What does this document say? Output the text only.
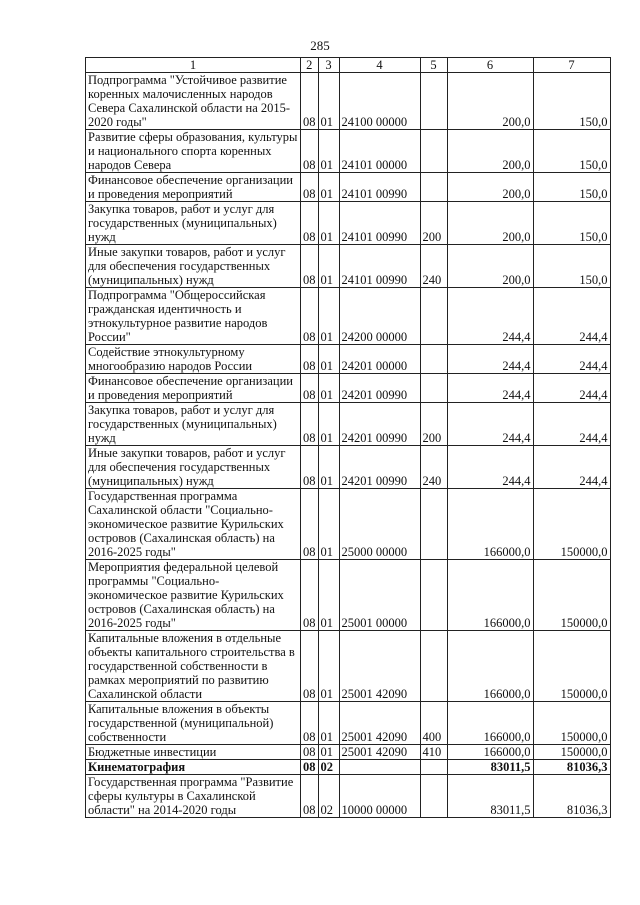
285
1	2	3	4	5	6	7
Подпрограмма "Устойчивое развитие коренных малочисленных народов Севера Сахалинской области на 2015-2020 годы"	08	01	24100 00000		200,0	150,0
Развитие сферы образования, культуры и национального спорта коренных народов Севера	08	01	24101 00000		200,0	150,0
Финансовое обеспечение организации и проведения мероприятий	08	01	24101 00990		200,0	150,0
Закупка товаров, работ и услуг для государственных (муниципальных) нужд	08	01	24101 00990	200	200,0	150,0
Иные закупки товаров, работ и услуг для обеспечения государственных (муниципальных) нужд	08	01	24101 00990	240	200,0	150,0
Подпрограмма "Общероссийская гражданская идентичность и этнокультурное развитие народов России"	08	01	24200 00000		244,4	244,4
Содействие этнокультурному многообразию народов России	08	01	24201 00000		244,4	244,4
Финансовое обеспечение организации и проведения мероприятий	08	01	24201 00990		244,4	244,4
Закупка товаров, работ и услуг для государственных (муниципальных) нужд	08	01	24201 00990	200	244,4	244,4
Иные закупки товаров, работ и услуг для обеспечения государственных (муниципальных) нужд	08	01	24201 00990	240	244,4	244,4
Государственная программа Сахалинской области "Социально-экономическое развитие Курильских островов (Сахалинская область) на 2016-2025 годы"	08	01	25000 00000		166000,0	150000,0
Мероприятия федеральной целевой программы "Социально-экономическое развитие Курильских островов (Сахалинская область) на 2016-2025 годы"	08	01	25001 00000		166000,0	150000,0
Капитальные вложения в отдельные объекты капитального строительства в государственной собственности в рамках мероприятий по развитию Сахалинской области	08	01	25001 42090		166000,0	150000,0
Капитальные вложения в объекты государственной (муниципальной) собственности	08	01	25001 42090	400	166000,0	150000,0
Бюджетные инвестиции	08	01	25001 42090	410	166000,0	150000,0
Кинематография	08	02			83011,5	81036,3
Государственная программа "Развитие сферы культуры в Сахалинской области" на 2014-2020 годы	08	02	10000 00000		83011,5	81036,3
